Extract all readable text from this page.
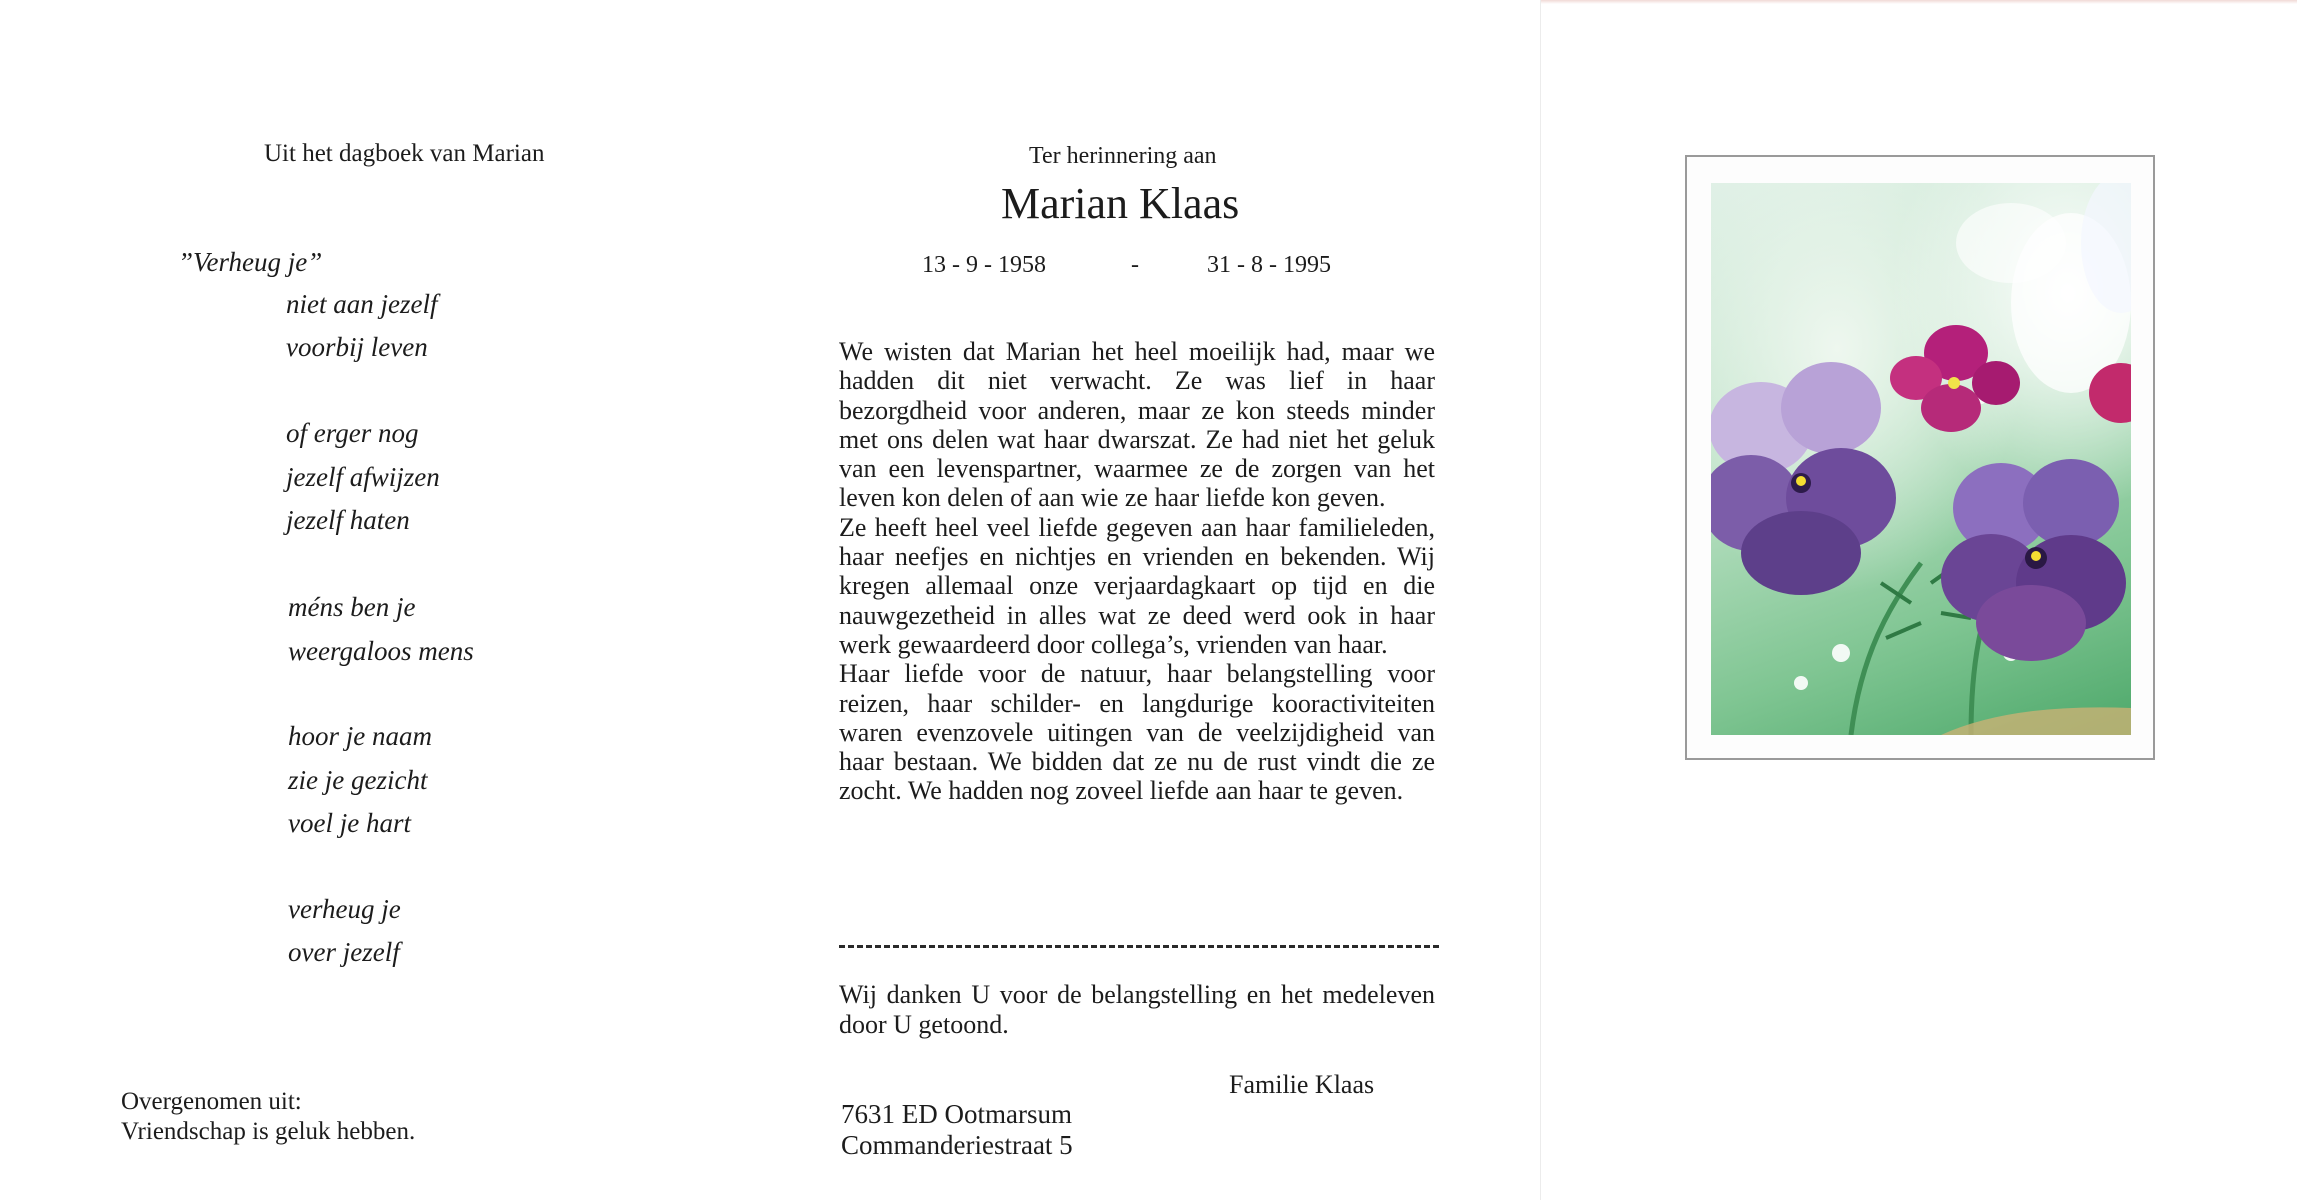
Uit het dagboek van Marian
”Verheug je”
niet aan jezelf
voorbij leven
of erger nog
jezelf afwijzen
jezelf haten
méns ben je
weergaloos mens
hoor je naam
zie je gezicht
voel je hart
verheug je
over jezelf
Overgenomen uit:
Vriendschap is geluk hebben.
Ter herinnering aan
Marian Klaas
13 - 9 - 1958	-	31 - 8 - 1995

We wisten dat Marian het heel moeilijk had, maar we hadden dit niet verwacht. Ze was lief in haar bezorgdheid voor anderen, maar ze kon steeds minder met ons delen wat haar dwarszat. Ze had niet het geluk van een levenspartner, waarmee ze de zorgen van het leven kon delen of aan wie ze haar liefde kon geven.

Ze heeft heel veel liefde gegeven aan haar familieleden, haar neefjes en nichtjes en vrienden en bekenden. Wij kregen allemaal onze verjaardagkaart op tijd en die nauwgezetheid in alles wat ze deed werd ook in haar werk gewaardeerd door collega’s, vrienden van haar.

Haar liefde voor de natuur, haar belangstelling voor reizen, haar schilder- en langdurige kooractiviteiten waren evenzovele uitingen van de veelzijdigheid van haar bestaan. We bidden dat ze nu de rust vindt die ze zocht. We hadden nog zoveel liefde aan haar te geven.

Wij danken U voor de belangstelling en het medeleven door U getoond.
Familie Klaas
7631 ED Ootmarsum
Commanderiestraat 5
